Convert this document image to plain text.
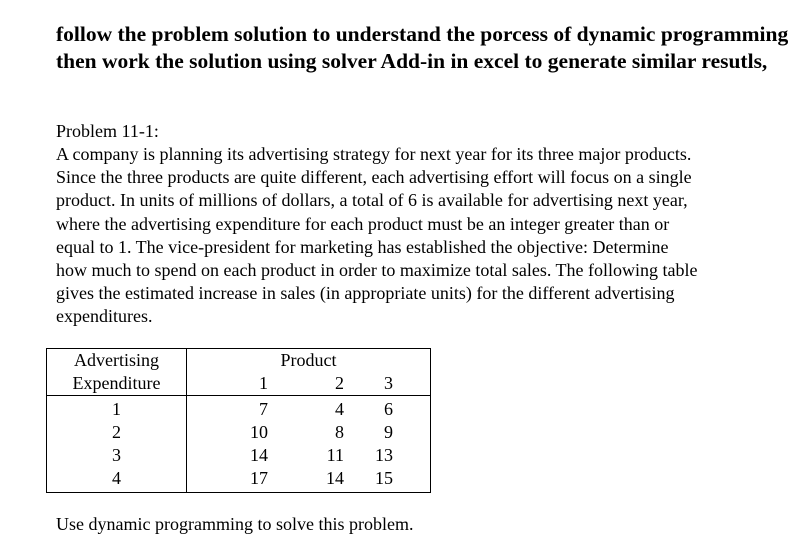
follow the problem solution to understand the porcess of dynamic programming then work the solution using solver Add-in in excel to generate similar resutls,
Problem 11-1:
A company is planning its advertising strategy for next year for its three major products.
Since the three products are quite different, each advertising effort will focus on a single
product. In units of millions of dollars, a total of 6 is available for advertising next year,
where the advertising expenditure for each product must be an integer greater than or
equal to 1. The vice-president for marketing has established the objective: Determine
how much to spend on each product in order to maximize total sales. The following table
gives the estimated increase in sales (in appropriate units) for the different advertising
expenditures.
Advertising	Product		
Expenditure	1	2	3
1	7	4	6
2	10	8	9
3	14	11	13
4	17	14	15
Use dynamic programming to solve this problem.
